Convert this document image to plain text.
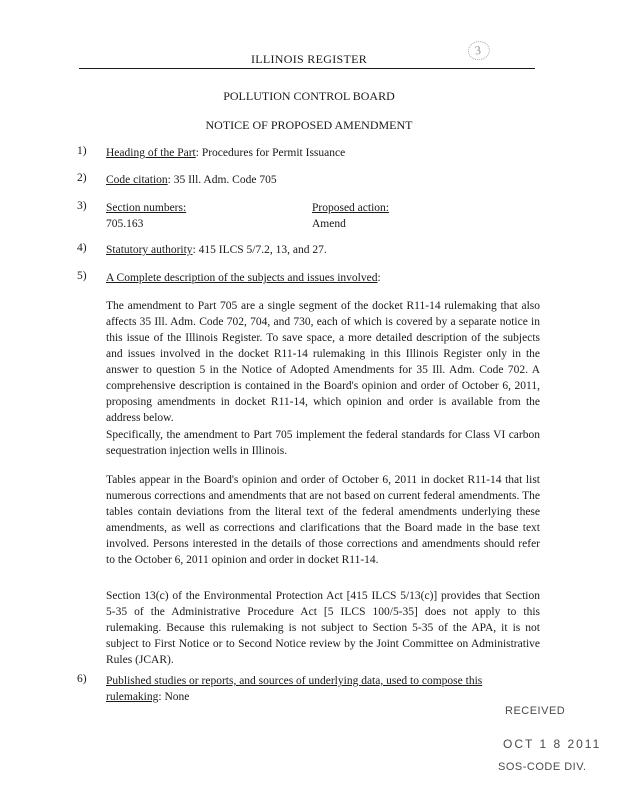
ILLINOIS REGISTER
3
POLLUTION CONTROL BOARD
NOTICE OF PROPOSED AMENDMENT
1) Heading of the Part: Procedures for Permit Issuance
2) Code citation: 35 Ill. Adm. Code 705
3) Section numbers:
705.163
Proposed action:
Amend
4) Statutory authority: 415 ILCS 5/7.2, 13, and 27.
5) A Complete description of the subjects and issues involved:
The amendment to Part 705 are a single segment of the docket R11-14 rulemaking that also affects 35 Ill. Adm. Code 702, 704, and 730, each of which is covered by a separate notice in this issue of the Illinois Register. To save space, a more detailed description of the subjects and issues involved in the docket R11-14 rulemaking in this Illinois Register only in the answer to question 5 in the Notice of Adopted Amendments for 35 Ill. Adm. Code 702. A comprehensive description is contained in the Board's opinion and order of October 6, 2011, proposing amendments in docket R11-14, which opinion and order is available from the address below.
Specifically, the amendment to Part 705 implement the federal standards for Class VI carbon sequestration injection wells in Illinois.
Tables appear in the Board's opinion and order of October 6, 2011 in docket R11-14 that list numerous corrections and amendments that are not based on current federal amendments. The tables contain deviations from the literal text of the federal amendments underlying these amendments, as well as corrections and clarifications that the Board made in the base text involved. Persons interested in the details of those corrections and amendments should refer to the October 6, 2011 opinion and order in docket R11-14.
Section 13(c) of the Environmental Protection Act [415 ILCS 5/13(c)] provides that Section 5-35 of the Administrative Procedure Act [5 ILCS 100/5-35] does not apply to this rulemaking. Because this rulemaking is not subject to Section 5-35 of the APA, it is not subject to First Notice or to Second Notice review by the Joint Committee on Administrative Rules (JCAR).
6) Published studies or reports, and sources of underlying data, used to compose this rulemaking: None
RECEIVED
OCT 1 8 2011
SOS-CODE DIV.
